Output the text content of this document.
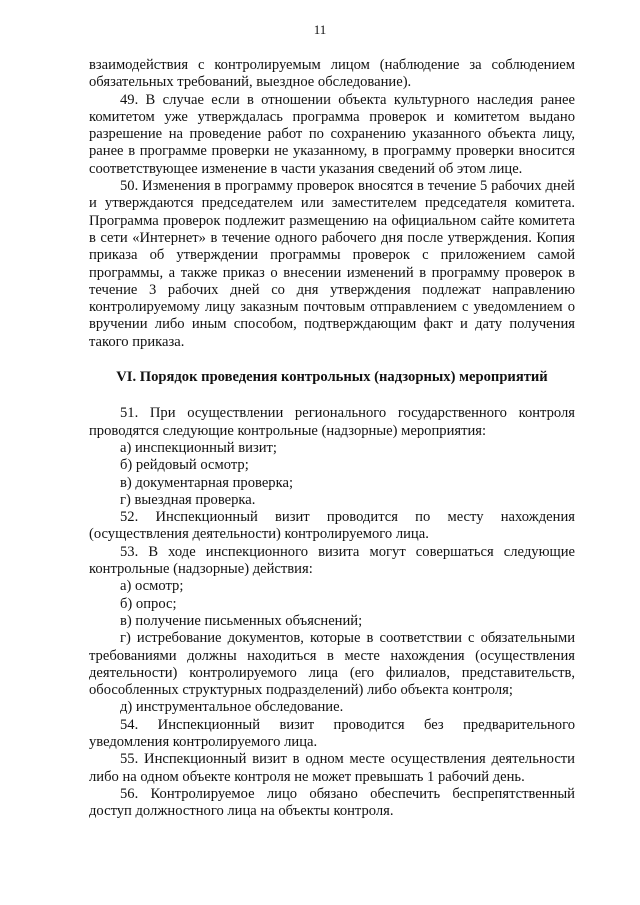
11

взаимодействия с контролируемым лицом (наблюдение за соблюдением обязательных требований, выездное обследование).

49. В случае если в отношении объекта культурного наследия ранее комитетом уже утверждалась программа проверок и комитетом выдано разрешение на проведение работ по сохранению указанного объекта лицу, ранее в программе проверки не указанному, в программу проверки вносится соответствующее изменение в части указания сведений об этом лице.

50. Изменения в программу проверок вносятся в течение 5 рабочих дней и утверждаются председателем или заместителем председателя комитета. Программа проверок подлежит размещению на официальном сайте комитета в сети «Интернет» в течение одного рабочего дня после утверждения. Копия приказа об утверждении программы проверок с приложением самой программы, а также приказ о внесении изменений в программу проверок в течение 3 рабочих дней со дня утверждения подлежат направлению контролируемому лицу заказным почтовым отправлением с уведомлением о вручении либо иным способом, подтверждающим факт и дату получения такого приказа.

VI. Порядок проведения контрольных (надзорных) мероприятий

51. При осуществлении регионального государственного контроля проводятся следующие контрольные (надзорные) мероприятия:

а) инспекционный визит;

б) рейдовый осмотр;

в) документарная проверка;

г) выездная проверка.

52. Инспекционный визит проводится по месту нахождения (осуществления деятельности) контролируемого лица.

53. В ходе инспекционного визита могут совершаться следующие контрольные (надзорные) действия:

а) осмотр;

б) опрос;

в) получение письменных объяснений;

г) истребование документов, которые в соответствии с обязательными требованиями должны находиться в месте нахождения (осуществления деятельности) контролируемого лица (его филиалов, представительств, обособленных структурных подразделений) либо объекта контроля;

д) инструментальное обследование.

54. Инспекционный визит проводится без предварительного уведомления контролируемого лица.

55. Инспекционный визит в одном месте осуществления деятельности либо на одном объекте контроля не может превышать 1 рабочий день.

56. Контролируемое лицо обязано обеспечить беспрепятственный доступ должностного лица на объекты контроля.
